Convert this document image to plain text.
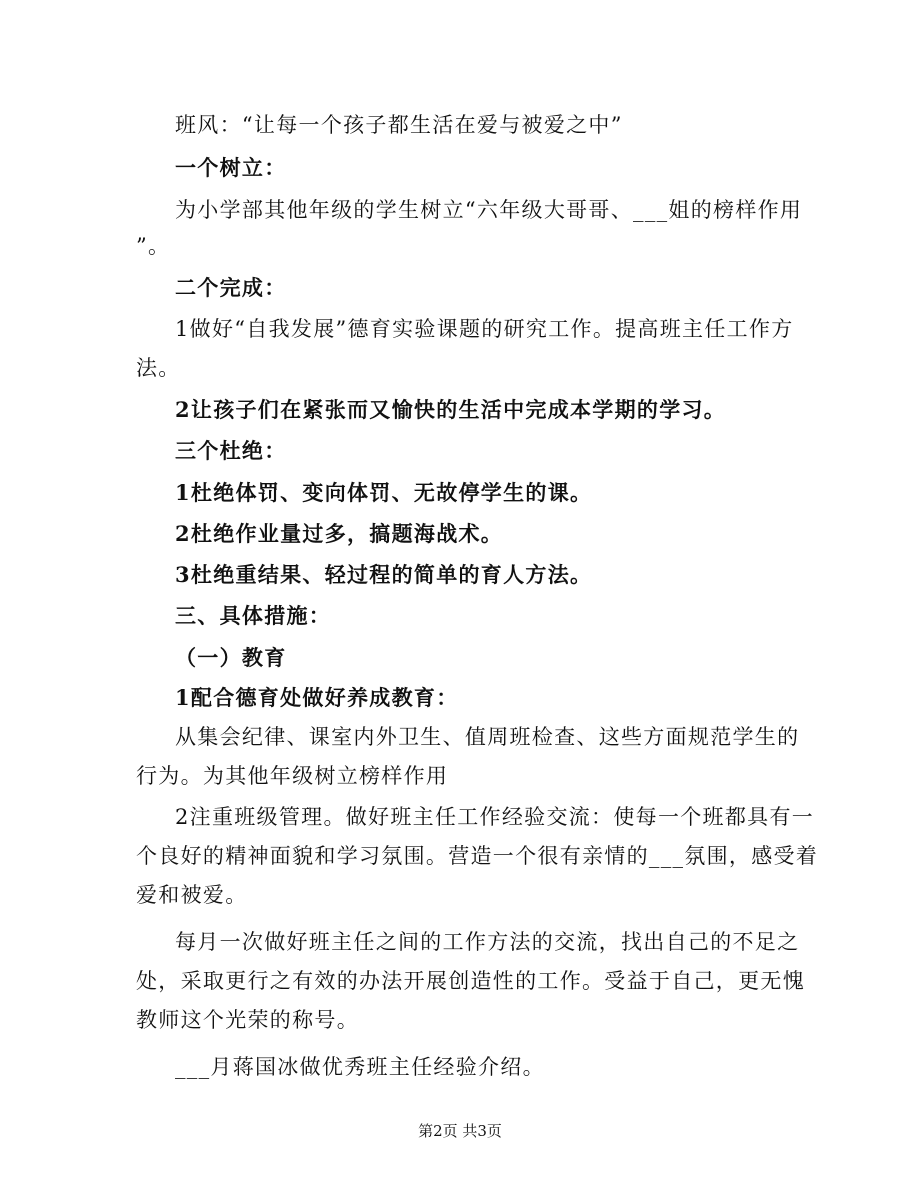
班风：“让每一个孩子都生活在爱与被爱之中”
一个树立：
为小学部其他年级的学生树立“六年级大哥哥、___姐的榜样作用
”。
二个完成：
1做好“自我发展”德育实验课题的研究工作。提高班主任工作方
法。
2让孩子们在紧张而又愉快的生活中完成本学期的学习。
三个杜绝：
1杜绝体罚、变向体罚、无故停学生的课。
2杜绝作业量过多，搞题海战术。
3杜绝重结果、轻过程的简单的育人方法。
三、具体措施：
（一）教育
1配合德育处做好养成教育：
从集会纪律、课室内外卫生、值周班检查、这些方面规范学生的
行为。为其他年级树立榜样作用
2注重班级管理。做好班主任工作经验交流：使每一个班都具有一
个良好的精神面貌和学习氛围。营造一个很有亲情的___氛围，感受着
爱和被爱。
每月一次做好班主任之间的工作方法的交流，找出自己的不足之
处，采取更行之有效的办法开展创造性的工作。受益于自己，更无愧
教师这个光荣的称号。
___月蒋国冰做优秀班主任经验介绍。
第2页 共3页
